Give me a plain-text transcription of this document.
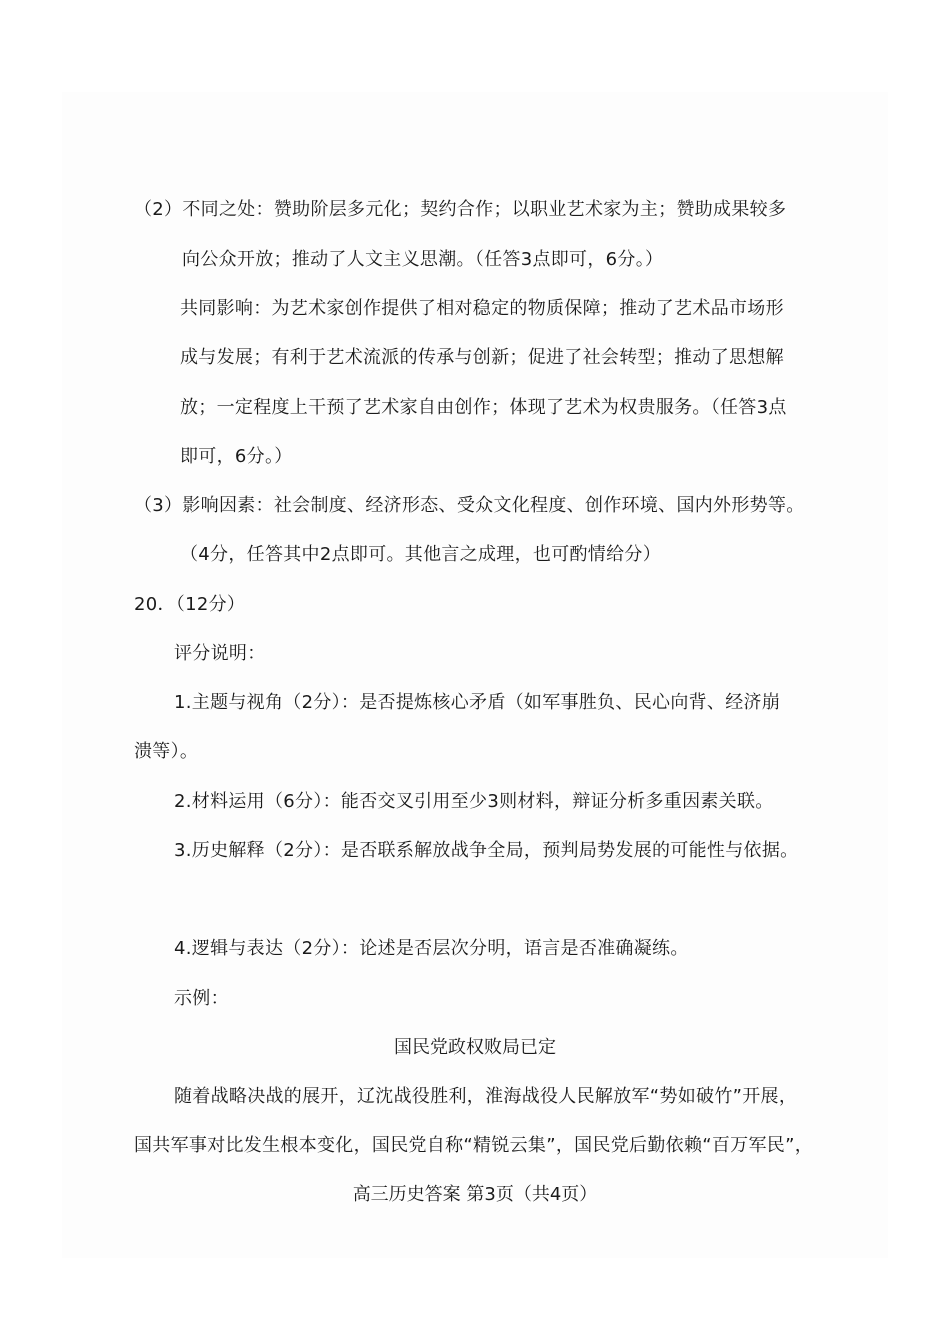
（2）不同之处：赞助阶层多元化；契约合作；以职业艺术家为主；赞助成果较多
向公众开放；推动了人文主义思潮。（任答3点即可，6分。）
共同影响：为艺术家创作提供了相对稳定的物质保障；推动了艺术品市场形
成与发展；有利于艺术流派的传承与创新；促进了社会转型；推动了思想解
放；一定程度上干预了艺术家自由创作；体现了艺术为权贵服务。（任答3点
即可，6分。）
（3）影响因素：社会制度、经济形态、受众文化程度、创作环境、国内外形势等。
（4分，任答其中2点即可。其他言之成理，也可酌情给分）
20．（12分）
评分说明：
1.主题与视角（2分）：是否提炼核心矛盾（如军事胜负、民心向背、经济崩
溃等）。
2.材料运用（6分）：能否交叉引用至少3则材料，辩证分析多重因素关联。
3.历史解释（2分）：是否联系解放战争全局，预判局势发展的可能性与依据。
4.逻辑与表达（2分）：论述是否层次分明，语言是否准确凝练。
示例：
国民党政权败局已定
随着战略决战的展开，辽沈战役胜利，淮海战役人民解放军“势如破竹”开展，
国共军事对比发生根本变化，国民党自称“精锐云集”，国民党后勤依赖“百万军民”，
高三历史答案 第3页（共4页）
